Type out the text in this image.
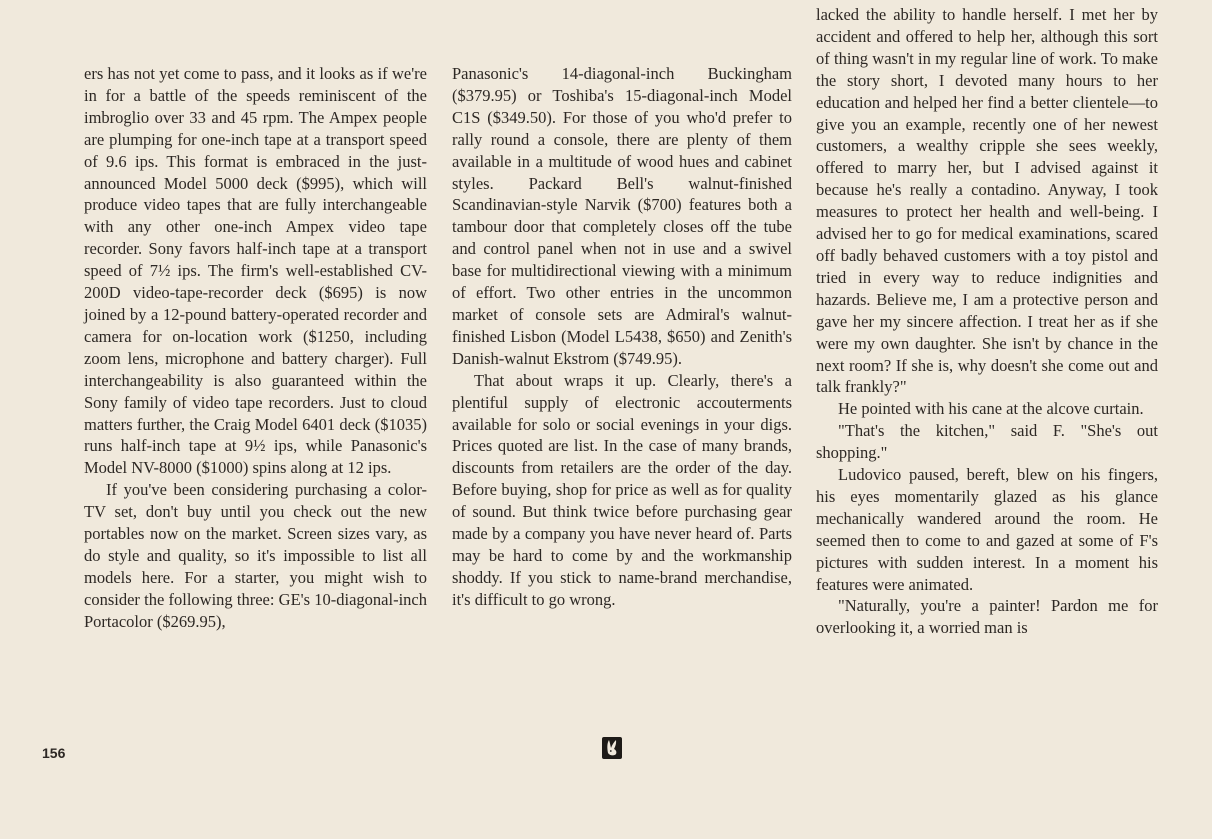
ers has not yet come to pass, and it looks as if we're in for a battle of the speeds reminiscent of the imbroglio over 33 and 45 rpm. The Ampex people are plumping for one-inch tape at a transport speed of 9.6 ips. This format is embraced in the just-announced Model 5000 deck ($995), which will produce video tapes that are fully interchangeable with any other one-inch Ampex video tape recorder. Sony favors half-inch tape at a transport speed of 7½ ips. The firm's well-established CV-200D video-tape-recorder deck ($695) is now joined by a 12-pound battery-operated recorder and camera for on-location work ($1250, including zoom lens, microphone and battery charger). Full interchangeability is also guaranteed within the Sony family of video tape recorders. Just to cloud matters further, the Craig Model 6401 deck ($1035) runs half-inch tape at 9½ ips, while Panasonic's Model NV-8000 ($1000) spins along at 12 ips.

If you've been considering purchasing a color-TV set, don't buy until you check out the new portables now on the market. Screen sizes vary, as do style and quality, so it's impossible to list all models here. For a starter, you might wish to consider the following three: GE's 10-diagonal-inch Portacolor ($269.95),

Panasonic's 14-diagonal-inch Buckingham ($379.95) or Toshiba's 15-diagonal-inch Model C1S ($349.50). For those of you who'd prefer to rally round a console, there are plenty of them available in a multitude of wood hues and cabinet styles. Packard Bell's walnut-finished Scandinavian-style Narvik ($700) features both a tambour door that completely closes off the tube and control panel when not in use and a swivel base for multidirectional viewing with a minimum of effort. Two other entries in the uncommon market of console sets are Admiral's walnut-finished Lisbon (Model L5438, $650) and Zenith's Danish-walnut Ekstrom ($749.95).

That about wraps it up. Clearly, there's a plentiful supply of electronic accouterments available for solo or social evenings in your digs. Prices quoted are list. In the case of many brands, discounts from retailers are the order of the day. Before buying, shop for price as well as for quality of sound. But think twice before purchasing gear made by a company you have never heard of. Parts may be hard to come by and the workmanship shoddy. If you stick to name-brand merchandise, it's difficult to go wrong.

lacked the ability to handle herself. I met her by accident and offered to help her, although this sort of thing wasn't in my regular line of work. To make the story short, I devoted many hours to her education and helped her find a better clientele—to give you an example, recently one of her newest customers, a wealthy cripple she sees weekly, offered to marry her, but I advised against it because he's really a contadino. Anyway, I took measures to protect her health and well-being. I advised her to go for medical examinations, scared off badly behaved customers with a toy pistol and tried in every way to reduce indignities and hazards. Believe me, I am a protective person and gave her my sincere affection. I treat her as if she were my own daughter. She isn't by chance in the next room? If she is, why doesn't she come out and talk frankly?"

He pointed with his cane at the alcove curtain.

"That's the kitchen," said F. "She's out shopping."

Ludovico paused, bereft, blew on his fingers, his eyes momentarily glazed as his glance mechanically wandered around the room. He seemed then to come to and gazed at some of F's pictures with sudden interest. In a moment his features were animated.

"Naturally, you're a painter! Pardon me for overlooking it, a worried man is

156
